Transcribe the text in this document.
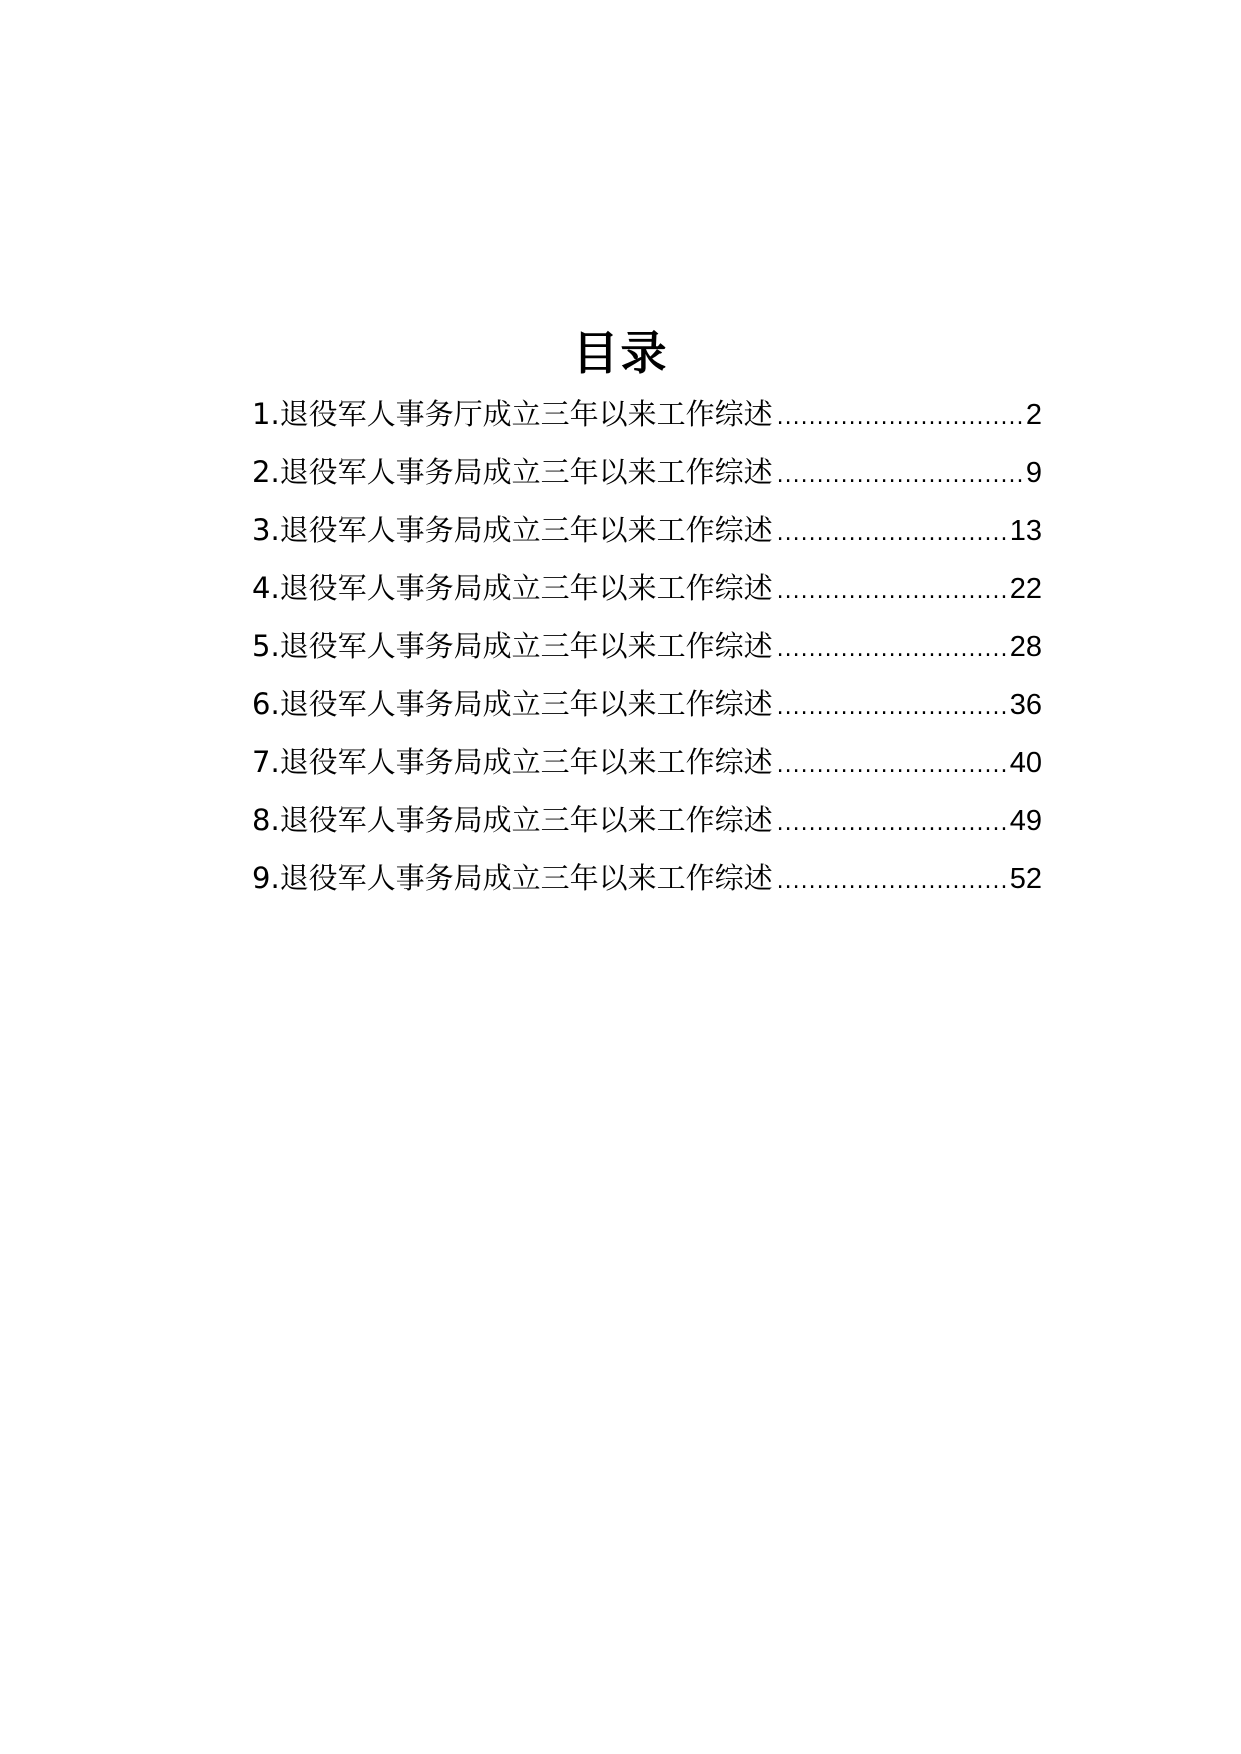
目录
1.退役军人事务厅成立三年以来工作综述 .....	2
2.退役军人事务局成立三年以来工作综述 .....	9
3.退役军人事务局成立三年以来工作综述 .....	13
4.退役军人事务局成立三年以来工作综述 .....	22
5.退役军人事务局成立三年以来工作综述 .....	28
6.退役军人事务局成立三年以来工作综述 .....	36
7.退役军人事务局成立三年以来工作综述 .....	40
8.退役军人事务局成立三年以来工作综述 .....	49
9.退役军人事务局成立三年以来工作综述 .....	52
